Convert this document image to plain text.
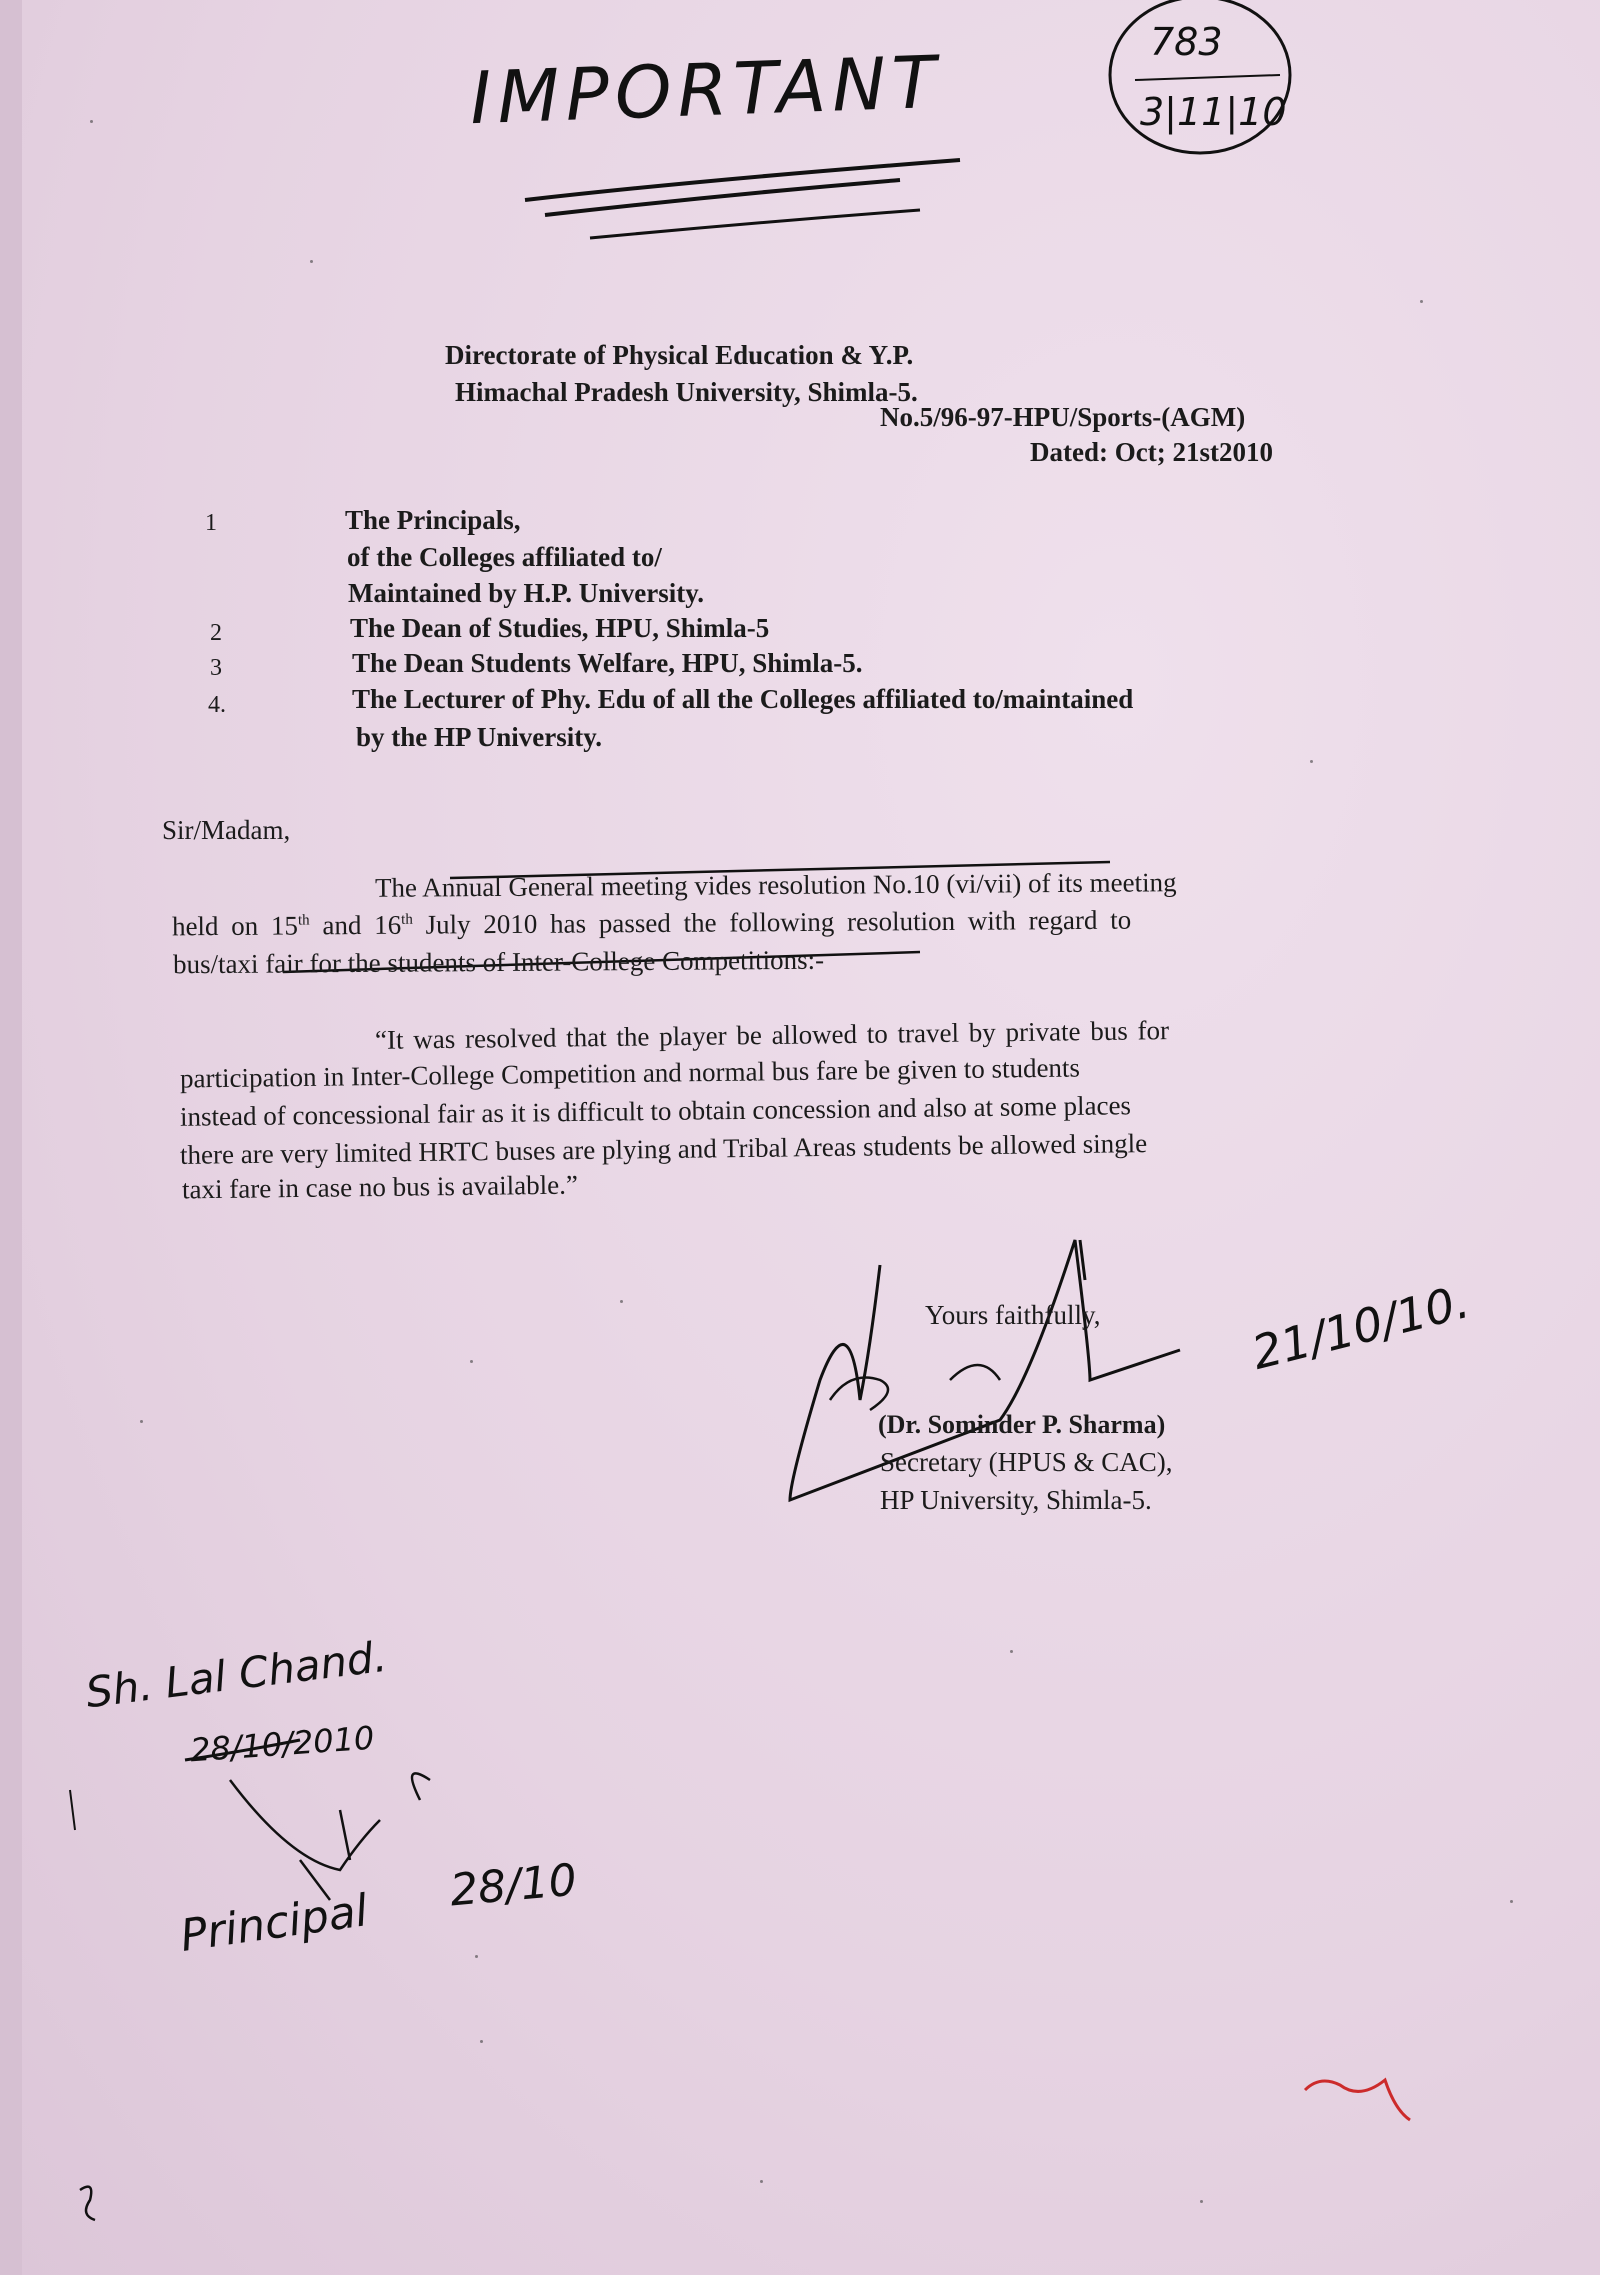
IMPORTANT	783
3|11|10
Directorate of Physical Education & Y.P.
Himachal Pradesh University, Shimla-5.
No.5/96-97-HPU/Sports-(AGM)
Dated: Oct; 21st2010
1	The Principals,
of the Colleges affiliated to/
Maintained by H.P. University.
2	The Dean of Studies, HPU, Shimla-5
3	The Dean Students Welfare, HPU, Shimla-5.
4.	The Lecturer of Phy. Edu of all the Colleges affiliated to/maintained
by the HP University.
Sir/Madam,
The Annual General meeting vides resolution No.10 (vi/vii) of its meeting
held on 15th and 16th July 2010 has passed the following resolution with regard to
bus/taxi fair for the students of Inter-College Competitions:-
“It was resolved that the player be allowed to travel by private bus for
participation in Inter-College Competition and normal bus fare be given to students
instead of concessional fair as it is difficult to obtain concession and also at some places
there are very limited HRTC buses are plying and Tribal Areas students be allowed single
taxi fare in case no bus is available.”
Yours faithfully,	21/10/10.
(Dr. Sominder P. Sharma)
Secretary (HPUS & CAC),
HP University, Shimla-5.
Sh. Lal Chand.
28/10/2010
Principal 28/10
